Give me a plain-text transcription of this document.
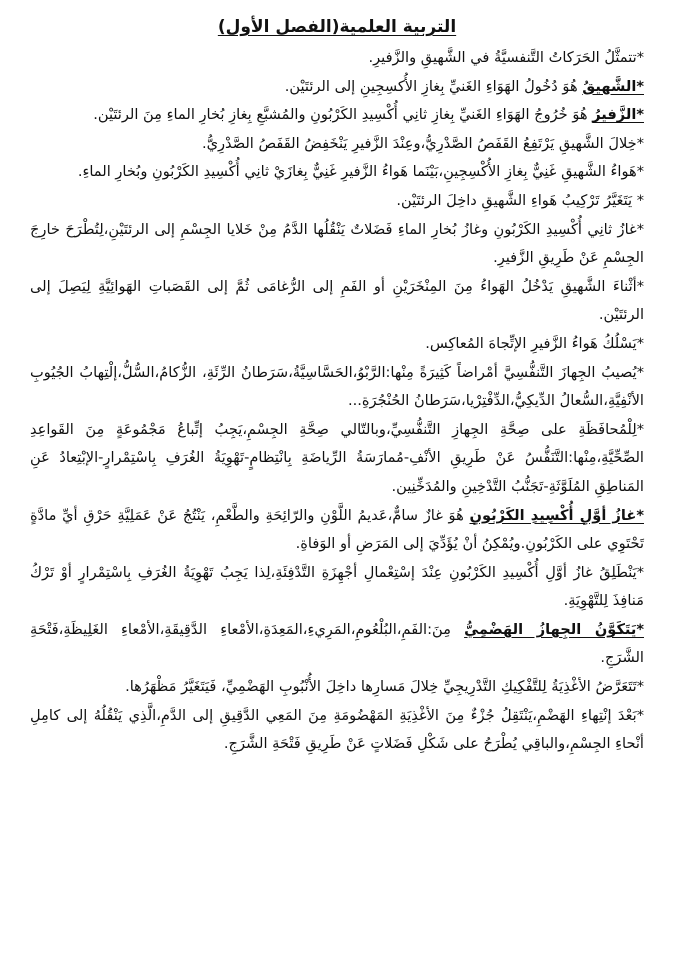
التربية العلمية(الفصل الأول)

*تتمثَّلُ الحَرَكاتُ التَّنفسيَّةُ في الشَّهيقِ والزَّفيرِ.

*الشَّهيقُ هُوَ دُخُولُ الهَوَاءِ الغَنيِّ بِغازِ الأُكسِجِينِ إلى الرئتَيْن.

*الزَّفيرُ هُوَ خُرُوجُ الهَوَاءِ الغَنيِّ بِغازِ ثانِي أُكْسِيدِ الكَرْبُونِ والمُشبَّعِ بِغازِ بُخارِ الماءِ مِنَ الرئتَيْن.

*خِلالَ الشَّهيقِ يَرْتَفِعُ القَفَصُ الصَّدْرِيُّ،وعِنْدَ الزَّفيرِ يَنْخَفِضُ القَفَصُ الصَّدْرِيُّ.

*هَواءُ الشَّهيقِ غَنِيٌّ بِغازِ الأُكْسِجِينِ،بَيْنَما هَواءُ الزَّفيرِ غَنِيٌّ بِغازَيْ ثانِي أُكْسِيدِ الكَرْبُونِ وبُخارِ الماءِ.

* يَتَغَيَّرُ تَرْكِيبُ هَواءِ الشَّهيقِ داخِلَ الرئتَيْن.

*غازُ ثانِي أُكْسِيدِ الكَرْبُونِ وغازُ بُخارِ الماءِ فَضَلاتٌ يَنْقُلُها الدَّمُ مِنْ خَلايا الجِسْمِ إلى الرئتَيْنِ،لِتُطْرَحَ خارِجَ الجِسْمِ عَنْ طَرِيقِ الزَّفيرِ.

*أثْناءَ الشَّهيقِ يَدْخُلُ الهَواءُ مِنَ المِنْخَرَيْنِ أو الفَمِ إلى الرُّغامَى ثُمَّ إلى القَصَباتِ الهَوائِيَّةِ لِيَصِلَ إلى الرئتَيْن.

*يَسْلُكُ هَواءُ الزَّفيرِ الإتِّجاهَ المُعاكِس.

*يُصيبُ الجِهازَ التَّنفُّسِيَّ أمْراضاً كَثِيرَةً مِنْها:الرَّبْوُ،الحَسَّاسِيَّةُ،سَرَطانُ الرِّئَةِ، الزُّكامُ،السُّلُّ،إلْتِهابُ الجُيُوبِ الأنْفِيَّةِ،السُّعالُ الدِّيكِيُّ،الدِّفْتِرْيا،سَرَطانُ الحُنْجُرَةِ...

*لِلْمُحافَظَةِ على صِحَّةِ الجِهازِ التَّنفُّسِيِّ،وبالتّالي صِحَّةِ الجِسْمِ،يَجِبُ إتِّباعُ مَجْمُوعَةٍ مِنَ القَواعِدِ الصِّحِّيَّةِ،مِنْها:التَّنَفُّسُ عَنْ طَرِيقِ الأنْفِ-مُمارَسَةُ الرِّياضَةِ بِانْتِظامٍ-تَهْوِيَةُ الغُرَفِ بِاسْتِمْرارٍ-الإبْتِعادُ عَنِ المَناطِقِ المُلَوَّثَةِ-تَجَنُّبُ التَّدْخِينِ والمُدَخِّنِين.

*غازُ أوَّلِ أُكْسِيدِ الكَرْبُونِ هُوَ غازٌ سامٌّ،عَديمُ اللَّوْنِ والرّائِحَةِ والطَّعْمِ، يَنْتُجُ عَنْ عَمَلِيَّةِ حَرْقِ أيِّ مادَّةٍ تَحْتَوِي على الكَرْبُونِ.ويُمْكِنُ أنْ يُؤَدِّيَ إلى المَرَضِ أو الوَفاةِ.

*يَنْطَلِقُ غازُ أوَّلِ أُكْسِيدِ الكَرْبُونِ عِنْدَ إسْتِعْمالِ أجْهِزَةِ التَّدْفِئَةِ،لِذا يَجِبُ تَهْوِيَةُ الغُرَفِ بِاسْتِمْرارٍ أوْ تَرْكُ مَنافِذَ لِلتَّهْوِيَةِ.

*يَتَكَوَّنُ الجِهازُ الهَضْمِيُّ مِنَ:الفَمِ،البُلْعُومِ،المَرِيءِ،المَعِدَةِ،الأمْعاءِ الدَّقِيقَةِ،الأمْعاءِ الغَلِيظَةِ،فَتْحَةِ الشَّرَجِ.

*تَتَعَرَّضُ الأغْذِيَةُ لِلتَّفْكِيكِ التَّدْرِيجِيِّ خِلالَ مَسارِها داخِلَ الأُنْبُوبِ الهَضْمِيِّ، فَيَتَغَيَّرُ مَظْهَرُها.

*بَعْدَ إنْتِهاءِ الهَضْمِ،يَنْتَقِلُ جُزْءٌ مِنَ الأغْذِيَةِ المَهْضُومَةِ مِنَ المَعِي الدَّقِيقِ إلى الدَّمِ،الَّذِي يَنْقُلُهُ إلى كامِلِ أنْحاءِ الجِسْمِ،والباقِي يُطْرَحُ على شَكْلِ فَضَلاتٍ عَنْ طَرِيقِ فَتْحَةِ الشَّرَجِ.
